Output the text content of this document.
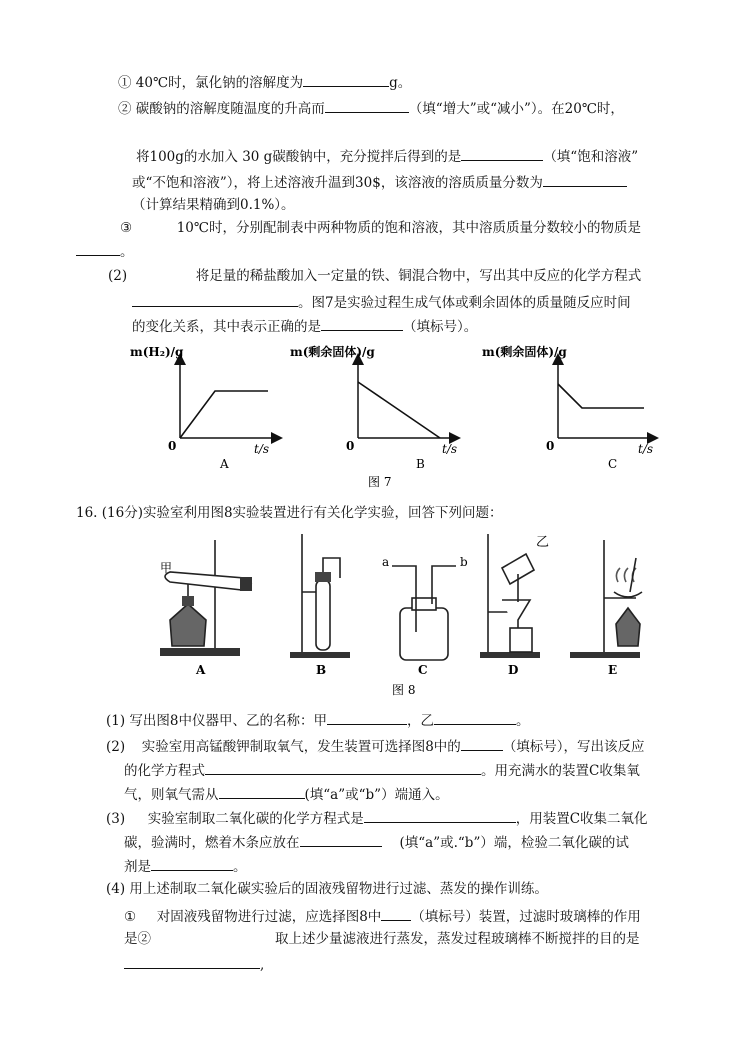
① 40℃时，氯化钠的溶解度为	g。
② 碳酸钠的溶解度随温度的升高而	（填“增大”或“减小”）。在20℃时，
将100g的水加入 30 g碳酸钠中，充分搅拌后得到的是	（填“饱和溶液”
或“不饱和溶液”），将上述溶液升温到30$，该溶液的溶质质量分数为
（计算结果精确到0.1%）。
③	10℃时，分别配制表中两种物质的饱和溶液，其中溶质质量分数较小的物质是
。
(2)	将足量的稀盐酸加入一定量的铁、铜混合物中，写出其中反应的化学方程式
。图7是实验过程生成气体或剩余固体的质量随反应时间
的变化关系，其中表示正确的是	（填标号）。
m(H₂)/g
0	t/s
A
m(剩余固体)/g
0	t/s
B
m(剩余固体)/g
0	t/s
C
图 7
16. (16分)实验室利用图8实验装置进行有关化学实验，回答下列问题：
甲
乙
a	b
A	B	C	D	E
图 8
(1) 写出图8中仪器甲、乙的名称：甲	，乙	。
(2) 实验室用高锰酸钾制取氧气，发生装置可选择图8中的	（填标号），写出该反应
的化学方程式	。用充满水的装置C收集氧
气，则氧气需从	(填“a”或“b”）端通入。
(3) 实验室制取二氧化碳的化学方程式是	，用装置C收集二氧化
碳，验满时，燃着木条应放在	(填“a”或.“b”）端，检验二氧化碳的试
剂是	。
(4) 用上述制取二氧化碳实验后的固液残留物进行过滤、蒸发的操作训练。
① 对固液残留物进行过滤，应选择图8中 （填标号）装置，过滤时玻璃棒的作用
是②	取上述少量滤液进行蒸发，蒸发过程玻璃棒不断搅拌的目的是
,
